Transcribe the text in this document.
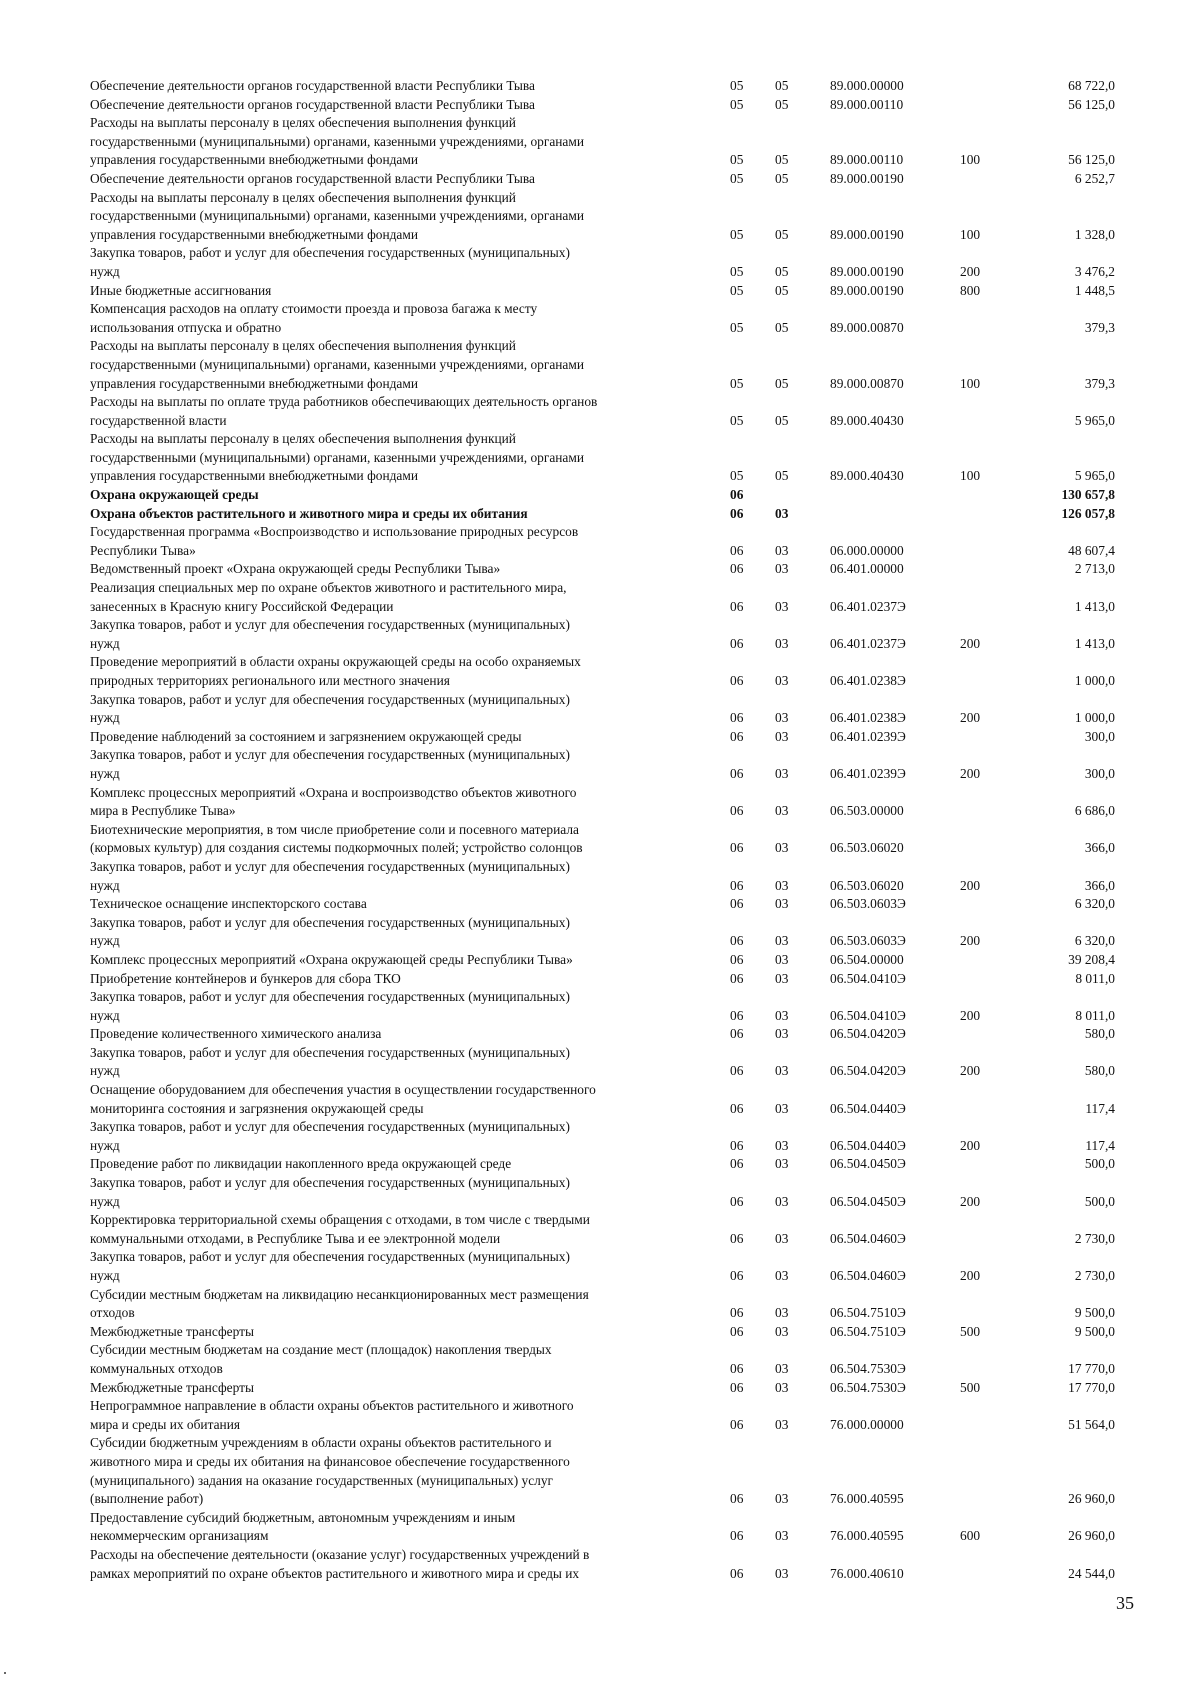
Обеспечение деятельности органов государственной власти Республики Тыва	05	05	89.000.00000		68 722,0
Обеспечение деятельности органов государственной власти Республики Тыва	05	05	89.000.00110		56 125,0
Расходы на выплаты персоналу в целях обеспечения выполнения функций
государственными (муниципальными) органами, казенными учреждениями, органами
управления государственными внебюджетными фондами	05	05	89.000.00110	100	56 125,0
Обеспечение деятельности органов государственной власти Республики Тыва	05	05	89.000.00190		6 252,7
Расходы на выплаты персоналу в целях обеспечения выполнения функций
государственными (муниципальными) органами, казенными учреждениями, органами
управления государственными внебюджетными фондами	05	05	89.000.00190	100	1 328,0
Закупка товаров, работ и услуг для обеспечения государственных (муниципальных)
нужд	05	05	89.000.00190	200	3 476,2
Иные бюджетные ассигнования	05	05	89.000.00190	800	1 448,5
Компенсация расходов на оплату стоимости проезда и провоза багажа к месту
использования отпуска и обратно	05	05	89.000.00870		379,3
Расходы на выплаты персоналу в целях обеспечения выполнения функций
государственными (муниципальными) органами, казенными учреждениями, органами
управления государственными внебюджетными фондами	05	05	89.000.00870	100	379,3
Расходы на выплаты по оплате труда работников обеспечивающих деятельность органов
государственной власти	05	05	89.000.40430		5 965,0
Расходы на выплаты персоналу в целях обеспечения выполнения функций
государственными (муниципальными) органами, казенными учреждениями, органами
управления государственными внебюджетными фондами	05	05	89.000.40430	100	5 965,0
Охрана окружающей среды	06				130 657,8
Охрана объектов растительного и животного мира и среды их обитания	06	03			126 057,8
Государственная программа «Воспроизводство и использование природных ресурсов
Республики Тыва»	06	03	06.000.00000		48 607,4
Ведомственный проект «Охрана окружающей среды Республики Тыва»	06	03	06.401.00000		2 713,0
Реализация специальных мер по охране объектов животного и растительного мира,
занесенных в Красную книгу Российской Федерации	06	03	06.401.0237Э		1 413,0
Закупка товаров, работ и услуг для обеспечения государственных (муниципальных)
нужд	06	03	06.401.0237Э	200	1 413,0
Проведение мероприятий в области охраны окружающей среды на особо охраняемых
природных территориях регионального или местного значения	06	03	06.401.0238Э		1 000,0
Закупка товаров, работ и услуг для обеспечения государственных (муниципальных)
нужд	06	03	06.401.0238Э	200	1 000,0
Проведение наблюдений за состоянием и загрязнением окружающей среды	06	03	06.401.0239Э		300,0
Закупка товаров, работ и услуг для обеспечения государственных (муниципальных)
нужд	06	03	06.401.0239Э	200	300,0
Комплекс процессных мероприятий «Охрана и воспроизводство объектов животного
мира в Республике Тыва»	06	03	06.503.00000		6 686,0
Биотехнические мероприятия, в том числе приобретение соли и посевного материала
(кормовых культур) для создания системы подкормочных полей; устройство солонцов	06	03	06.503.06020		366,0
Закупка товаров, работ и услуг для обеспечения государственных (муниципальных)
нужд	06	03	06.503.06020	200	366,0
Техническое оснащение инспекторского состава	06	03	06.503.0603Э		6 320,0
Закупка товаров, работ и услуг для обеспечения государственных (муниципальных)
нужд	06	03	06.503.0603Э	200	6 320,0
Комплекс процессных мероприятий «Охрана окружающей среды Республики Тыва»	06	03	06.504.00000		39 208,4
Приобретение контейнеров и бункеров для сбора ТКО	06	03	06.504.0410Э		8 011,0
Закупка товаров, работ и услуг для обеспечения государственных (муниципальных)
нужд	06	03	06.504.0410Э	200	8 011,0
Проведение количественного химического анализа	06	03	06.504.0420Э		580,0
Закупка товаров, работ и услуг для обеспечения государственных (муниципальных)
нужд	06	03	06.504.0420Э	200	580,0
Оснащение оборудованием для обеспечения участия в осуществлении государственного
мониторинга состояния и загрязнения окружающей среды	06	03	06.504.0440Э		117,4
Закупка товаров, работ и услуг для обеспечения государственных (муниципальных)
нужд	06	03	06.504.0440Э	200	117,4
Проведение работ по ликвидации накопленного вреда окружающей среде	06	03	06.504.0450Э		500,0
Закупка товаров, работ и услуг для обеспечения государственных (муниципальных)
нужд	06	03	06.504.0450Э	200	500,0
Корректировка территориальной схемы обращения с отходами, в том числе с твердыми
коммунальными отходами, в Республике Тыва и ее электронной модели	06	03	06.504.0460Э		2 730,0
Закупка товаров, работ и услуг для обеспечения государственных (муниципальных)
нужд	06	03	06.504.0460Э	200	2 730,0
Субсидии местным бюджетам на ликвидацию несанкционированных мест размещения
отходов	06	03	06.504.7510Э		9 500,0
Межбюджетные трансферты	06	03	06.504.7510Э	500	9 500,0
Субсидии местным бюджетам на создание мест (площадок) накопления твердых
коммунальных отходов	06	03	06.504.7530Э		17 770,0
Межбюджетные трансферты	06	03	06.504.7530Э	500	17 770,0
Непрограммное направление в области охраны объектов растительного и животного
мира и среды их обитания	06	03	76.000.00000		51 564,0
Субсидии бюджетным учреждениям в области охраны объектов растительного и
животного мира и среды их обитания на финансовое обеспечение государственного
(муниципального) задания на оказание государственных (муниципальных) услуг
(выполнение работ)	06	03	76.000.40595		26 960,0
Предоставление субсидий бюджетным, автономным учреждениям и иным
некоммерческим организациям	06	03	76.000.40595	600	26 960,0
Расходы на обеспечение деятельности (оказание услуг) государственных учреждений в
рамках мероприятий по охране объектов растительного и животного мира и среды их	06	03	76.000.40610		24 544,0
35
